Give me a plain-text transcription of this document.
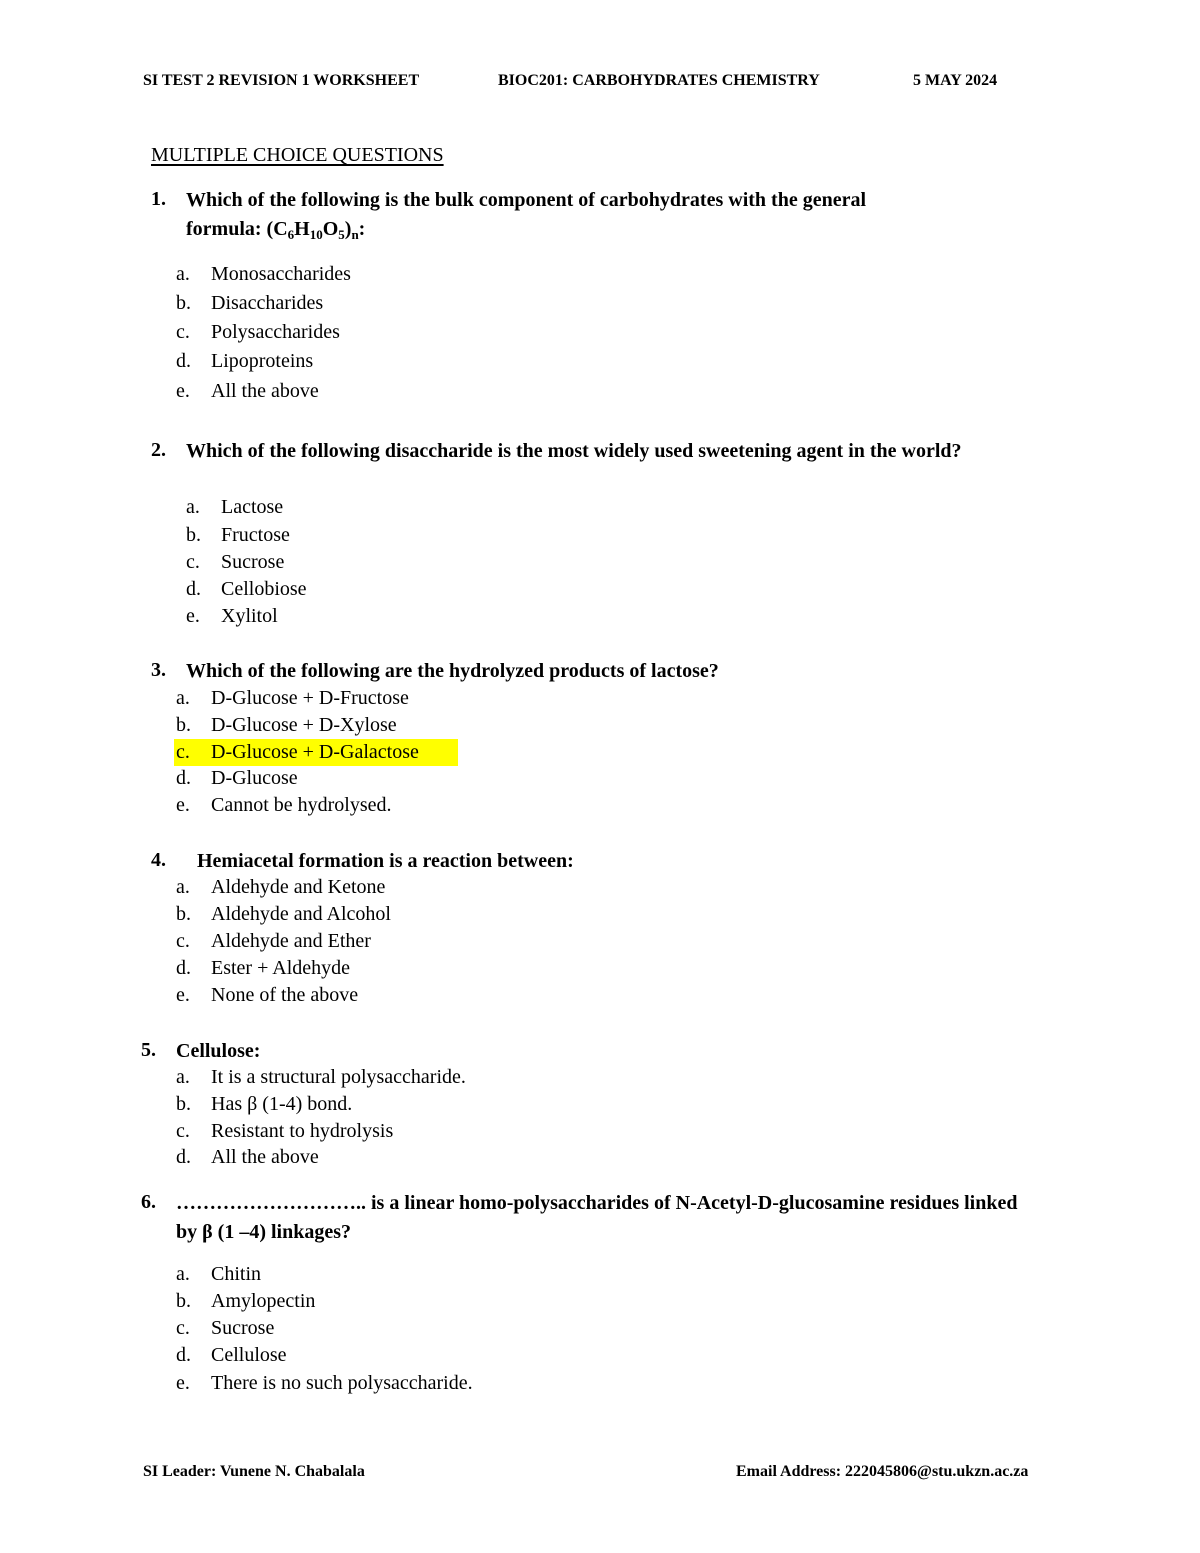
SI TEST 2 REVISION 1 WORKSHEET	BIOC201: CARBOHYDRATES CHEMISTRY	5 MAY 2024
MULTIPLE CHOICE QUESTIONS
1. Which of the following is the bulk component of carbohydrates with the general
formula: $(C_6H_{10}O_5)_n$:
a. Monosaccharides
b. Disaccharides
c. Polysaccharides
d. Lipoproteins
e. All the above
2. Which of the following disaccharide is the most widely used sweetening agent in the world?
a. Lactose
b. Fructose
c. Sucrose
d. Cellobiose
e. Xylitol
3. Which of the following are the hydrolyzed products of lactose?
a. D-Glucose + D-Fructose
b. D-Glucose + D-Xylose
c. D-Glucose + D-Galactose
d. D-Glucose
e. Cannot be hydrolysed.
4. Hemiacetal formation is a reaction between:
a. Aldehyde and Ketone
b. Aldehyde and Alcohol
c. Aldehyde and Ether
d. Ester + Aldehyde
e. None of the above
5. Cellulose:
a. It is a structural polysaccharide.
b. Has β (1-4) bond.
c. Resistant to hydrolysis
d. All the above
6. ……………………….. is a linear homo-polysaccharides of N-Acetyl-D-glucosamine residues linked by β (1 –4) linkages?
a. Chitin
b. Amylopectin
c. Sucrose
d. Cellulose
e. There is no such polysaccharide.
SI Leader: Vunene N. Chabalala	Email Address: 222045806@stu.ukzn.ac.za
